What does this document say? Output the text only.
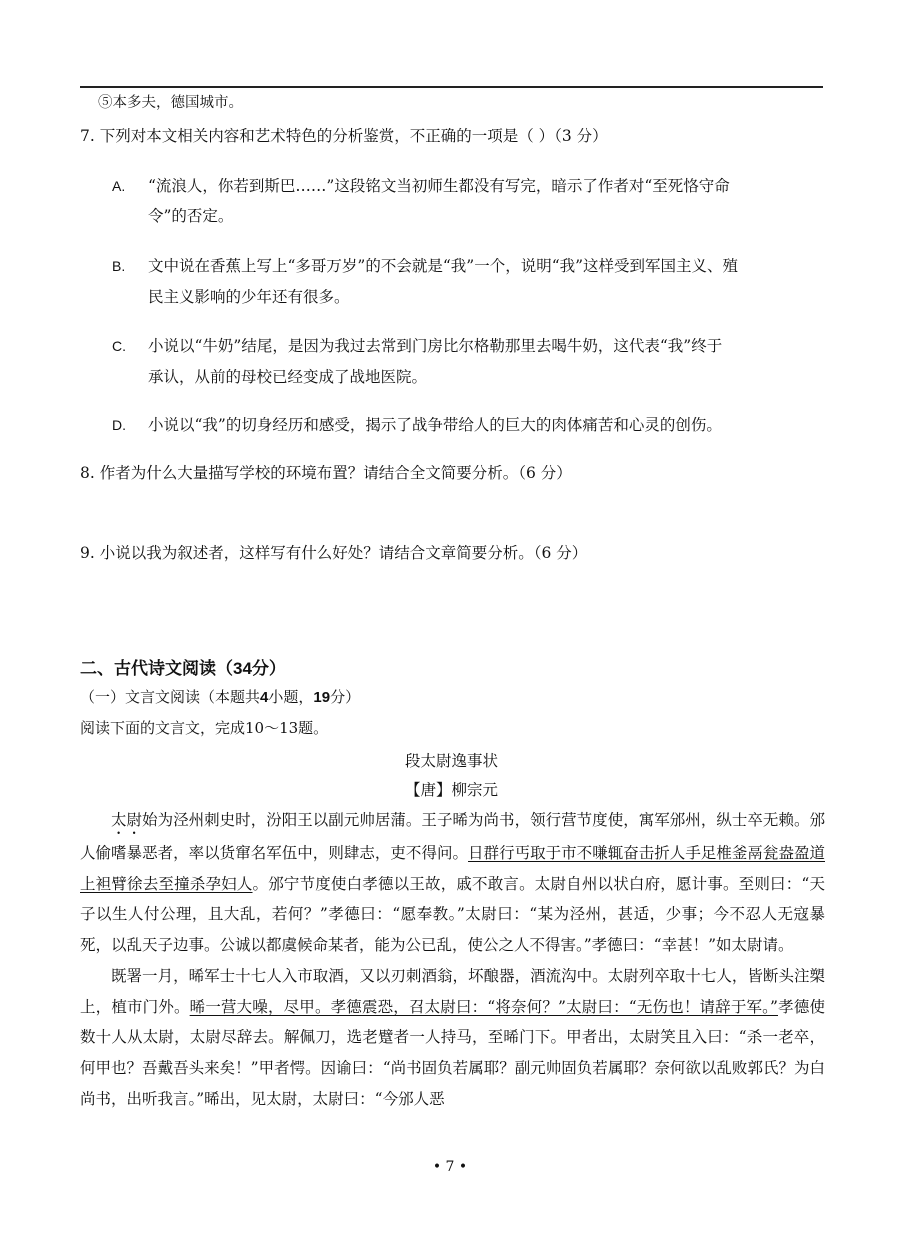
⑤本多夫，德国城市。
7. 下列对本文相关内容和艺术特色的分析鉴赏，不正确的一项是（ ）（3 分）
A. “流浪人，你若到斯巴……”这段铭文当初师生都没有写完，暗示了作者对“至死恪守命
令”的否定。
B. 文中说在香蕉上写上“多哥万岁”的不会就是“我”一个，说明“我”这样受到军国主义、殖
民主义影响的少年还有很多。
C. 小说以“牛奶”结尾，是因为我过去常到门房比尔格勒那里去喝牛奶，这代表“我”终于
承认，从前的母校已经变成了战地医院。
D. 小说以“我”的切身经历和感受，揭示了战争带给人的巨大的肉体痛苦和心灵的创伤。
8. 作者为什么大量描写学校的环境布置？请结合全文简要分析。（6 分）
9. 小说以我为叙述者，这样写有什么好处？请结合文章简要分析。（6 分）
二、古代诗文阅读（34分）
（一）文言文阅读（本题共4小题，19分）
阅读下面的文言文，完成10～13题。
段太尉逸事状
【唐】柳宗元

太尉始为泾州刺史时，汾阳王以副元帅居蒲。王子晞为尚书，领行营节度使，寓军邠州，纵士卒无赖。邠人偷嗜暴恶者，率以货窜名军伍中，则肆志，吏不得问。日群行丐取于市不嗛辄奋击折人手足椎釜鬲瓮盎盈道上袒臂徐去至撞杀孕妇人。邠宁节度使白孝德以王故，戚不敢言。太尉自州以状白府，愿计事。至则曰：“天子以生人付公理，且大乱，若何？”孝德曰：“愿奉教。”太尉曰：“某为泾州，甚适，少事；今不忍人无寇暴死，以乱天子边事。公诚以都虞候命某者，能为公已乱，使公之人不得害。”孝德曰：“幸甚！”如太尉请。

既署一月，晞军士十七人入市取酒，又以刃刺酒翁，坏酿器，酒流沟中。太尉列卒取十七人，皆断头注槊上，植市门外。晞一营大噪，尽甲。孝德震恐，召太尉曰：“将奈何？”太尉曰：“无伤也！请辞于军。”孝德使数十人从太尉，太尉尽辞去。解佩刀，选老躄者一人持马，至晞门下。甲者出，太尉笑且入曰：“杀一老卒，何甲也？吾戴吾头来矣！”甲者愕。因谕曰：“尚书固负若属耶？副元帅固负若属耶？奈何欲以乱败郭氏？为白尚书，出听我言。”晞出，见太尉，太尉曰：“今邠人恶

• 7 •
